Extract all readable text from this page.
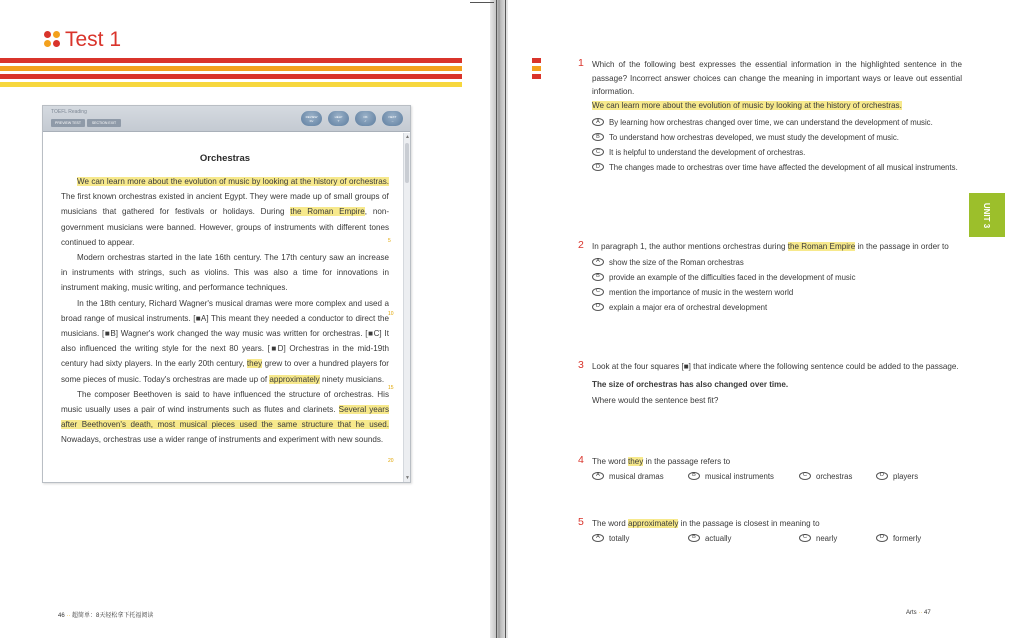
Test 1
TOEFL Reading
PREVIEW TEST	SECTION EXIT
REVIEW
Rv
HELP
?
OK
✓
NEXT
→
Orchestras

We can learn more about the evolution of music by looking at the history of orchestras. The first known orchestras existed in ancient Egypt. They were made up of small groups of musicians that gathered for festivals or holidays. During the Roman Empire, non-government musicians were banned. However, groups of instruments with different tones continued to appear.

Modern orchestras started in the late 16th century. The 17th century saw an increase in instruments with strings, such as violins. This was also a time for innovations in instrument making, music writing, and performance techniques.

In the 18th century, Richard Wagner's musical dramas were more complex and used a broad range of musical instruments. [■A] This meant they needed a conductor to direct the musicians. [■B] Wagner's work changed the way music was written for orchestras. [■C] It also influenced the writing style for the next 80 years. [■D] Orchestras in the mid-19th century had sixty players. In the early 20th century, they grew to over a hundred players for some pieces of music. Today's orchestras are made up of approximately ninety musicians.

The composer Beethoven is said to have influenced the structure of orchestras. His music usually uses a pair of wind instruments such as flutes and clarinets. Several years after Beethoven's death, most musical pieces used the same structure that he used. Nowadays, orchestras use a wider range of instruments and experiment with new sounds.

5
10
15
20
▲
▼
46 ·· 超简单：8天轻松拿下托福阅读
1 Which of the following best expresses the essential information in the highlighted sentence in the passage? Incorrect answer choices can change the meaning in important ways or leave out essential information.

We can learn more about the evolution of music by looking at the history of orchestras.

A	By learning how orchestras changed over time, we can understand the development of music.
B	To understand how orchestras developed, we must study the development of music.
C	It is helpful to understand the development of orchestras.
D	The changes made to orchestras over time have affected the development of all musical instruments.
2 In paragraph 1, the author mentions orchestras during the Roman Empire in the passage in order to

A	show the size of the Roman orchestras
B	provide an example of the difficulties faced in the development of music
C	mention the importance of music in the western world
D	explain a major era of orchestral development
3 Look at the four squares [■] that indicate where the following sentence could be added to the passage.

The size of orchestras has also changed over time.

Where would the sentence best fit?

4 The word they in the passage refers to

A	musical dramas	B	musical instruments	C	orchestras	D	players
5 The word approximately in the passage is closest in meaning to

A	totally	B	actually	C	nearly	D	formerly
UNIT 3
Arts ·· 47
